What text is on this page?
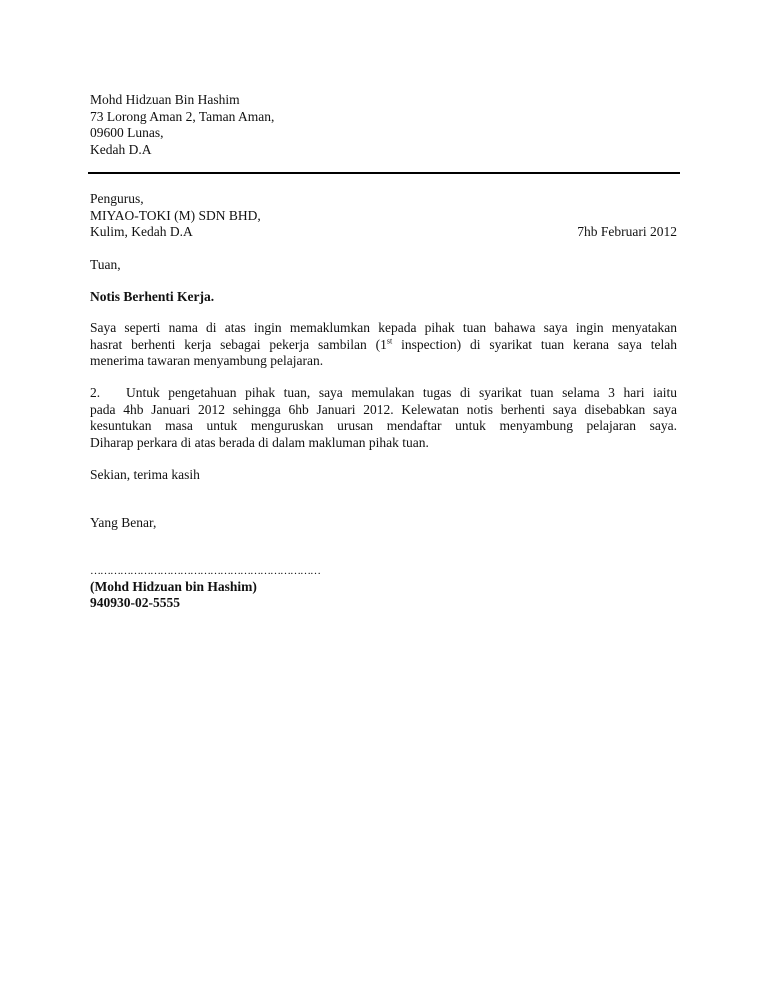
Mohd Hidzuan Bin Hashim
73 Lorong Aman 2, Taman Aman,
09600 Lunas,
Kedah D.A
Pengurus,
MIYAO-TOKI (M) SDN BHD,
Kulim, Kedah D.A	7hb Februari 2012
Tuan,
Notis Berhenti Kerja.
Saya seperti nama di atas ingin memaklumkan kepada pihak tuan bahawa saya ingin menyatakan
hasrat berhenti kerja sebagai pekerja sambilan (1st inspection) di syarikat tuan kerana saya telah
menerima tawaran menyambung pelajaran.
2. Untuk pengetahuan pihak tuan, saya memulakan tugas di syarikat tuan selama 3 hari iaitu
pada 4hb Januari 2012 sehingga 6hb Januari 2012. Kelewatan notis berhenti saya disebabkan saya
kesuntukan masa untuk menguruskan urusan mendaftar untuk menyambung pelajaran saya.
Diharap perkara di atas berada di dalam makluman pihak tuan.
Sekian, terima kasih
Yang Benar,
……………………………………………………………
(Mohd Hidzuan bin Hashim)
940930-02-5555
